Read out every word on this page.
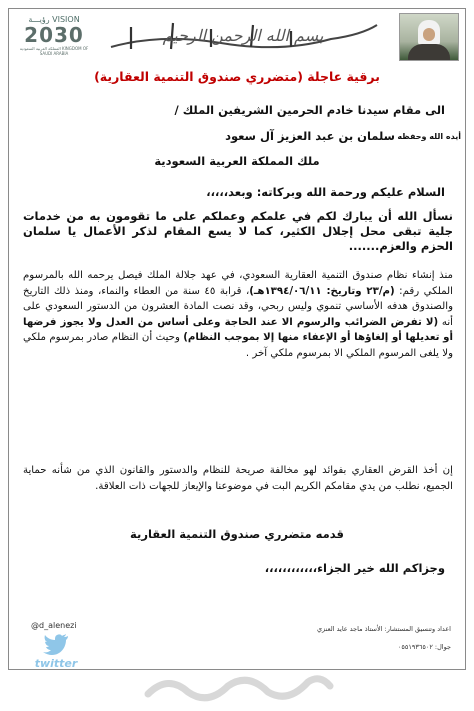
بسم الله الرحمن الرحيم
رؤيـــة VISION
2030
المملكة العربية السعودية KINGDOM OF SAUDI ARABIA
برقية عاجلة (متضرري صندوق التنمية العقارية)
الى مقام سيدنا خادم الحرمين الشريفين الملك /
سلمان بن عبد العزيز آل سعود أيده الله وحفظه
ملك المملكة العربية السعودية
السلام عليكم ورحمة الله وبركاته: وبعد،،،،،
نسأل الله أن يبارك لكم في علمكم وعملكم على ما تقومون به من خدمات جلية تبقى محل إجلال الكثير، كما لا يسع المقام لذكر الأعمال يا سلمان الحزم والعزم.......
منذ إنشاء نظام صندوق التنمية العقارية السعودي، في عهد جلالة الملك فيصل يرحمه الله بالمرسوم الملكي رقم: (م/٢٣ وتاريخ: ١٣٩٤/٠٦/١١هـ)، قرابة ٤٥ سنة من العطاء والنماء، ومنذ ذلك التاريخ والصندوق هدفه الأساسي تنموي وليس ربحي، وقد نصت المادة العشرون من الدستور السعودي على أنه (لا تفرض الضرائب والرسوم الا عند الحاجة وعلى أساس من العدل ولا يجوز فرضها أو تعديلها أو إلغاؤها أو الإعفاء منها إلا بموجب النظام) وحيث أن النظام صادر بمرسوم ملكي ولا يلغى المرسوم الملكي الا بمرسوم ملكي آخر .
إن أخذ القرض العقاري بفوائد لهو مخالفة صريحة للنظام والدستور والقانون الذي من شأنه حماية الجميع، نطلب من يدي مقامكم الكريم البت في موضوعنا والإيعاز للجهات ذات العلاقة.
قدمه متضرري صندوق التنمية العقارية
وجزاكم الله خير الجزاء،،،،،،،،،،،،
اعداد وتنسيق المستشار: الأستاذ ماجد عايد العنزي
جوال: ٠٥٥١٩٣٦٥٠٢
@d_alenezi
twitter
